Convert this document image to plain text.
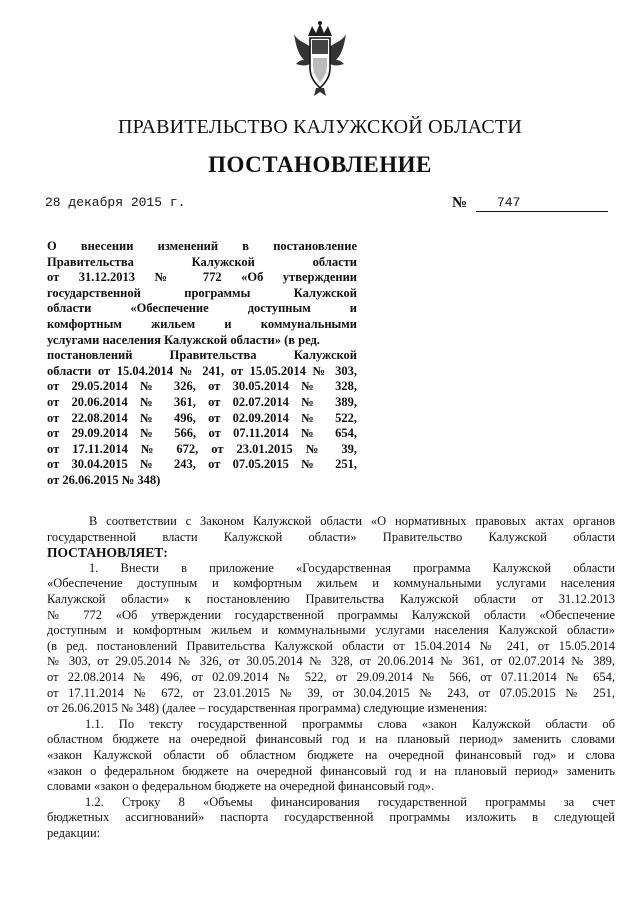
ПРАВИТЕЛЬСТВО КАЛУЖСКОЙ ОБЛАСТИ
ПОСТАНОВЛЕНИЕ
28 декабря 2015 г.	№ 747
О внесении изменений в постановление
Правительства Калужской области
от 31.12.2013 № 772 «Об утверждении
государственной программы Калужской
области «Обеспечение доступным и
комфортным жильем и коммунальными
услугами населения Калужской области» (в ред.
постановлений Правительства Калужской
области от 15.04.2014 № 241, от 15.05.2014 № 303,
от 29.05.2014 № 326, от 30.05.2014 № 328,
от 20.06.2014 № 361, от 02.07.2014 № 389,
от 22.08.2014 № 496, от 02.09.2014 № 522,
от 29.09.2014 № 566, от 07.11.2014 № 654,
от 17.11.2014 № 672, от 23.01.2015 № 39,
от 30.04.2015 № 243, от 07.05.2015 № 251,
от 26.06.2015 № 348)
В соответствии с Законом Калужской области «О нормативных правовых актах органов
государственной власти Калужской области» Правительство Калужской области
ПОСТАНОВЛЯЕТ:
1. Внести в приложение «Государственная программа Калужской области
«Обеспечение доступным и комфортным жильем и коммунальными услугами населения
Калужской области» к постановлению Правительства Калужской области от 31.12.2013
№ 772 «Об утверждении государственной программы Калужской области «Обеспечение
доступным и комфортным жильем и коммунальными услугами населения Калужской области»
(в ред. постановлений Правительства Калужской области от 15.04.2014 № 241, от 15.05.2014
№ 303, от 29.05.2014 № 326, от 30.05.2014 № 328, от 20.06.2014 № 361, от 02.07.2014 № 389,
от 22.08.2014 № 496, от 02.09.2014 № 522, от 29.09.2014 № 566, от 07.11.2014 № 654,
от 17.11.2014 № 672, от 23.01.2015 № 39, от 30.04.2015 № 243, от 07.05.2015 № 251,
от 26.06.2015 № 348) (далее – государственная программа) следующие изменения:
1.1. По тексту государственной программы слова «закон Калужской области об
областном бюджете на очередной финансовый год и на плановый период» заменить словами
«закон Калужской области об областном бюджете на очередной финансовый год» и слова
«закон о федеральном бюджете на очередной финансовый год и на плановый период» заменить
словами «закон о федеральном бюджете на очередной финансовый год».
1.2. Строку 8 «Объемы финансирования государственной программы за счет
бюджетных ассигнований» паспорта государственной программы изложить в следующей
редакции:
